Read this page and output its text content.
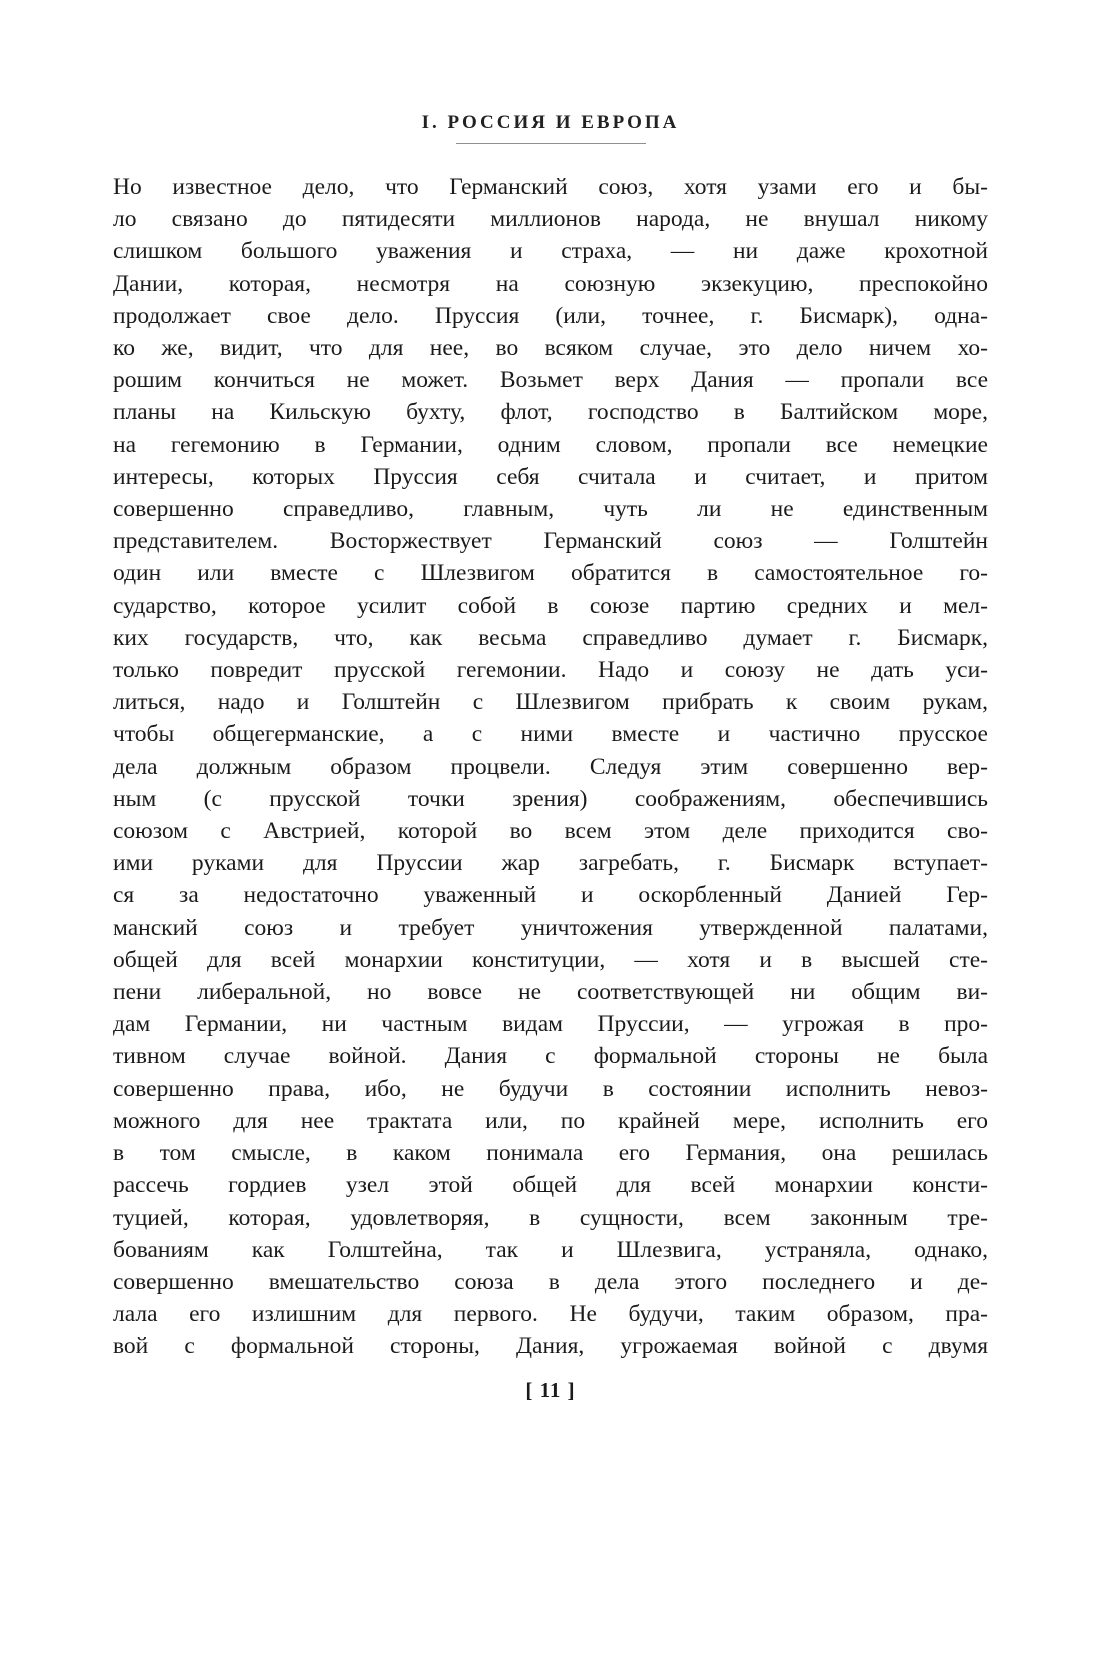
I. РОССИЯ И ЕВРОПА
Но известное дело, что Германский союз, хотя узами его и бы-
ло связано до пятидесяти миллионов народа, не внушал никому
слишком большого уважения и страха, — ни даже крохотной
Дании, которая, несмотря на союзную экзекуцию, преспокойно
продолжает свое дело. Пруссия (или, точнее, г. Бисмарк), одна-
ко же, видит, что для нее, во всяком случае, это дело ничем хо-
рошим кончиться не может. Возьмет верх Дания — пропали все
планы на Кильскую бухту, флот, господство в Балтийском море,
на гегемонию в Германии, одним словом, пропали все немецкие
интересы, которых Пруссия себя считала и считает, и притом
совершенно справедливо, главным, чуть ли не единственным
представителем. Восторжествует Германский союз — Голштейн
один или вместе с Шлезвигом обратится в самостоятельное го-
сударство, которое усилит собой в союзе партию средних и мел-
ких государств, что, как весьма справедливо думает г. Бисмарк,
только повредит прусской гегемонии. Надо и союзу не дать уси-
литься, надо и Голштейн с Шлезвигом прибрать к своим рукам,
чтобы общегерманские, а с ними вместе и частично прусское
дела должным образом процвели. Следуя этим совершенно вер-
ным (с прусской точки зрения) соображениям, обеспечившись
союзом с Австрией, которой во всем этом деле приходится сво-
ими руками для Пруссии жар загребать, г. Бисмарк вступает-
ся за недостаточно уваженный и оскорбленный Данией Гер-
манский союз и требует уничтожения утвержденной палатами,
общей для всей монархии конституции, — хотя и в высшей сте-
пени либеральной, но вовсе не соответствующей ни общим ви-
дам Германии, ни частным видам Пруссии, — угрожая в про-
тивном случае войной. Дания с формальной стороны не была
совершенно права, ибо, не будучи в состоянии исполнить невоз-
можного для нее трактата или, по крайней мере, исполнить его
в том смысле, в каком понимала его Германия, она решилась
рассечь гордиев узел этой общей для всей монархии консти-
туцией, которая, удовлетворяя, в сущности, всем законным тре-
бованиям как Голштейна, так и Шлезвига, устраняла, однако,
совершенно вмешательство союза в дела этого последнего и де-
лала его излишним для первого. Не будучи, таким образом, пра-
вой с формальной стороны, Дания, угрожаемая войной с двумя
[ 11 ]
